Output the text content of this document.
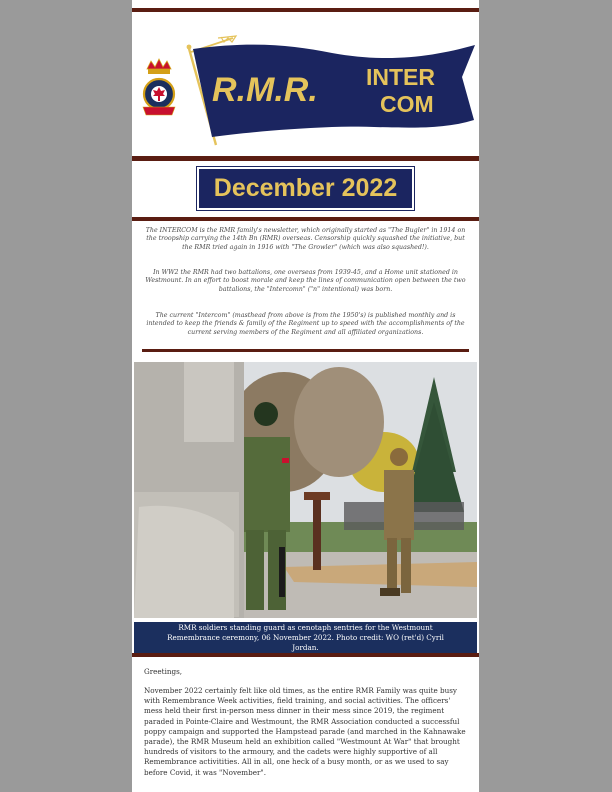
R.M.R. INTER
COM
December 2022

The INTERCOM is the RMR family's newsletter, which originally started as "The Bugler" in 1914 on the troopship carrying the 14th Bn (RMR) overseas. Censorship quickly squashed the initiative, but the RMR tried again in 1916 with "The Growler" (which was also squashed!).

In WW2 the RMR had two battalions, one overseas from 1939-45, and a Home unit stationed in Westmount. In an effort to boost morale and keep the lines of communication open between the two battalions, the "Intercomn" ("n" intentional) was born.

The current "Intercom" (masthead from above is from the 1950's) is published monthly and is intended to keep the friends & family of the Regiment up to speed with the accomplishments of the current serving members of the Regiment and all affiliated organizations.

RMR soldiers standing guard as cenotaph sentries for the Westmount Remembrance ceremony, 06 November 2022. Photo credit: WO (ret'd) Cyril Jordan.

Greetings,

November 2022 certainly felt like old times, as the entire RMR Family was quite busy with Remembrance Week activities, field training, and social activities. The officers' mess held their first in-person mess dinner in their mess since 2019, the regiment paraded in Pointe-Claire and Westmount, the RMR Association conducted a successful poppy campaign and supported the Hampstead parade (and marched in the Kahnawake parade), the RMR Museum held an exhibition called "Westmount At War" that brought hundreds of visitors to the armoury, and the cadets were highly supportive of all Remembrance activitities. All in all, one heck of a busy month, or as we used to say before Covid, it was "November".
